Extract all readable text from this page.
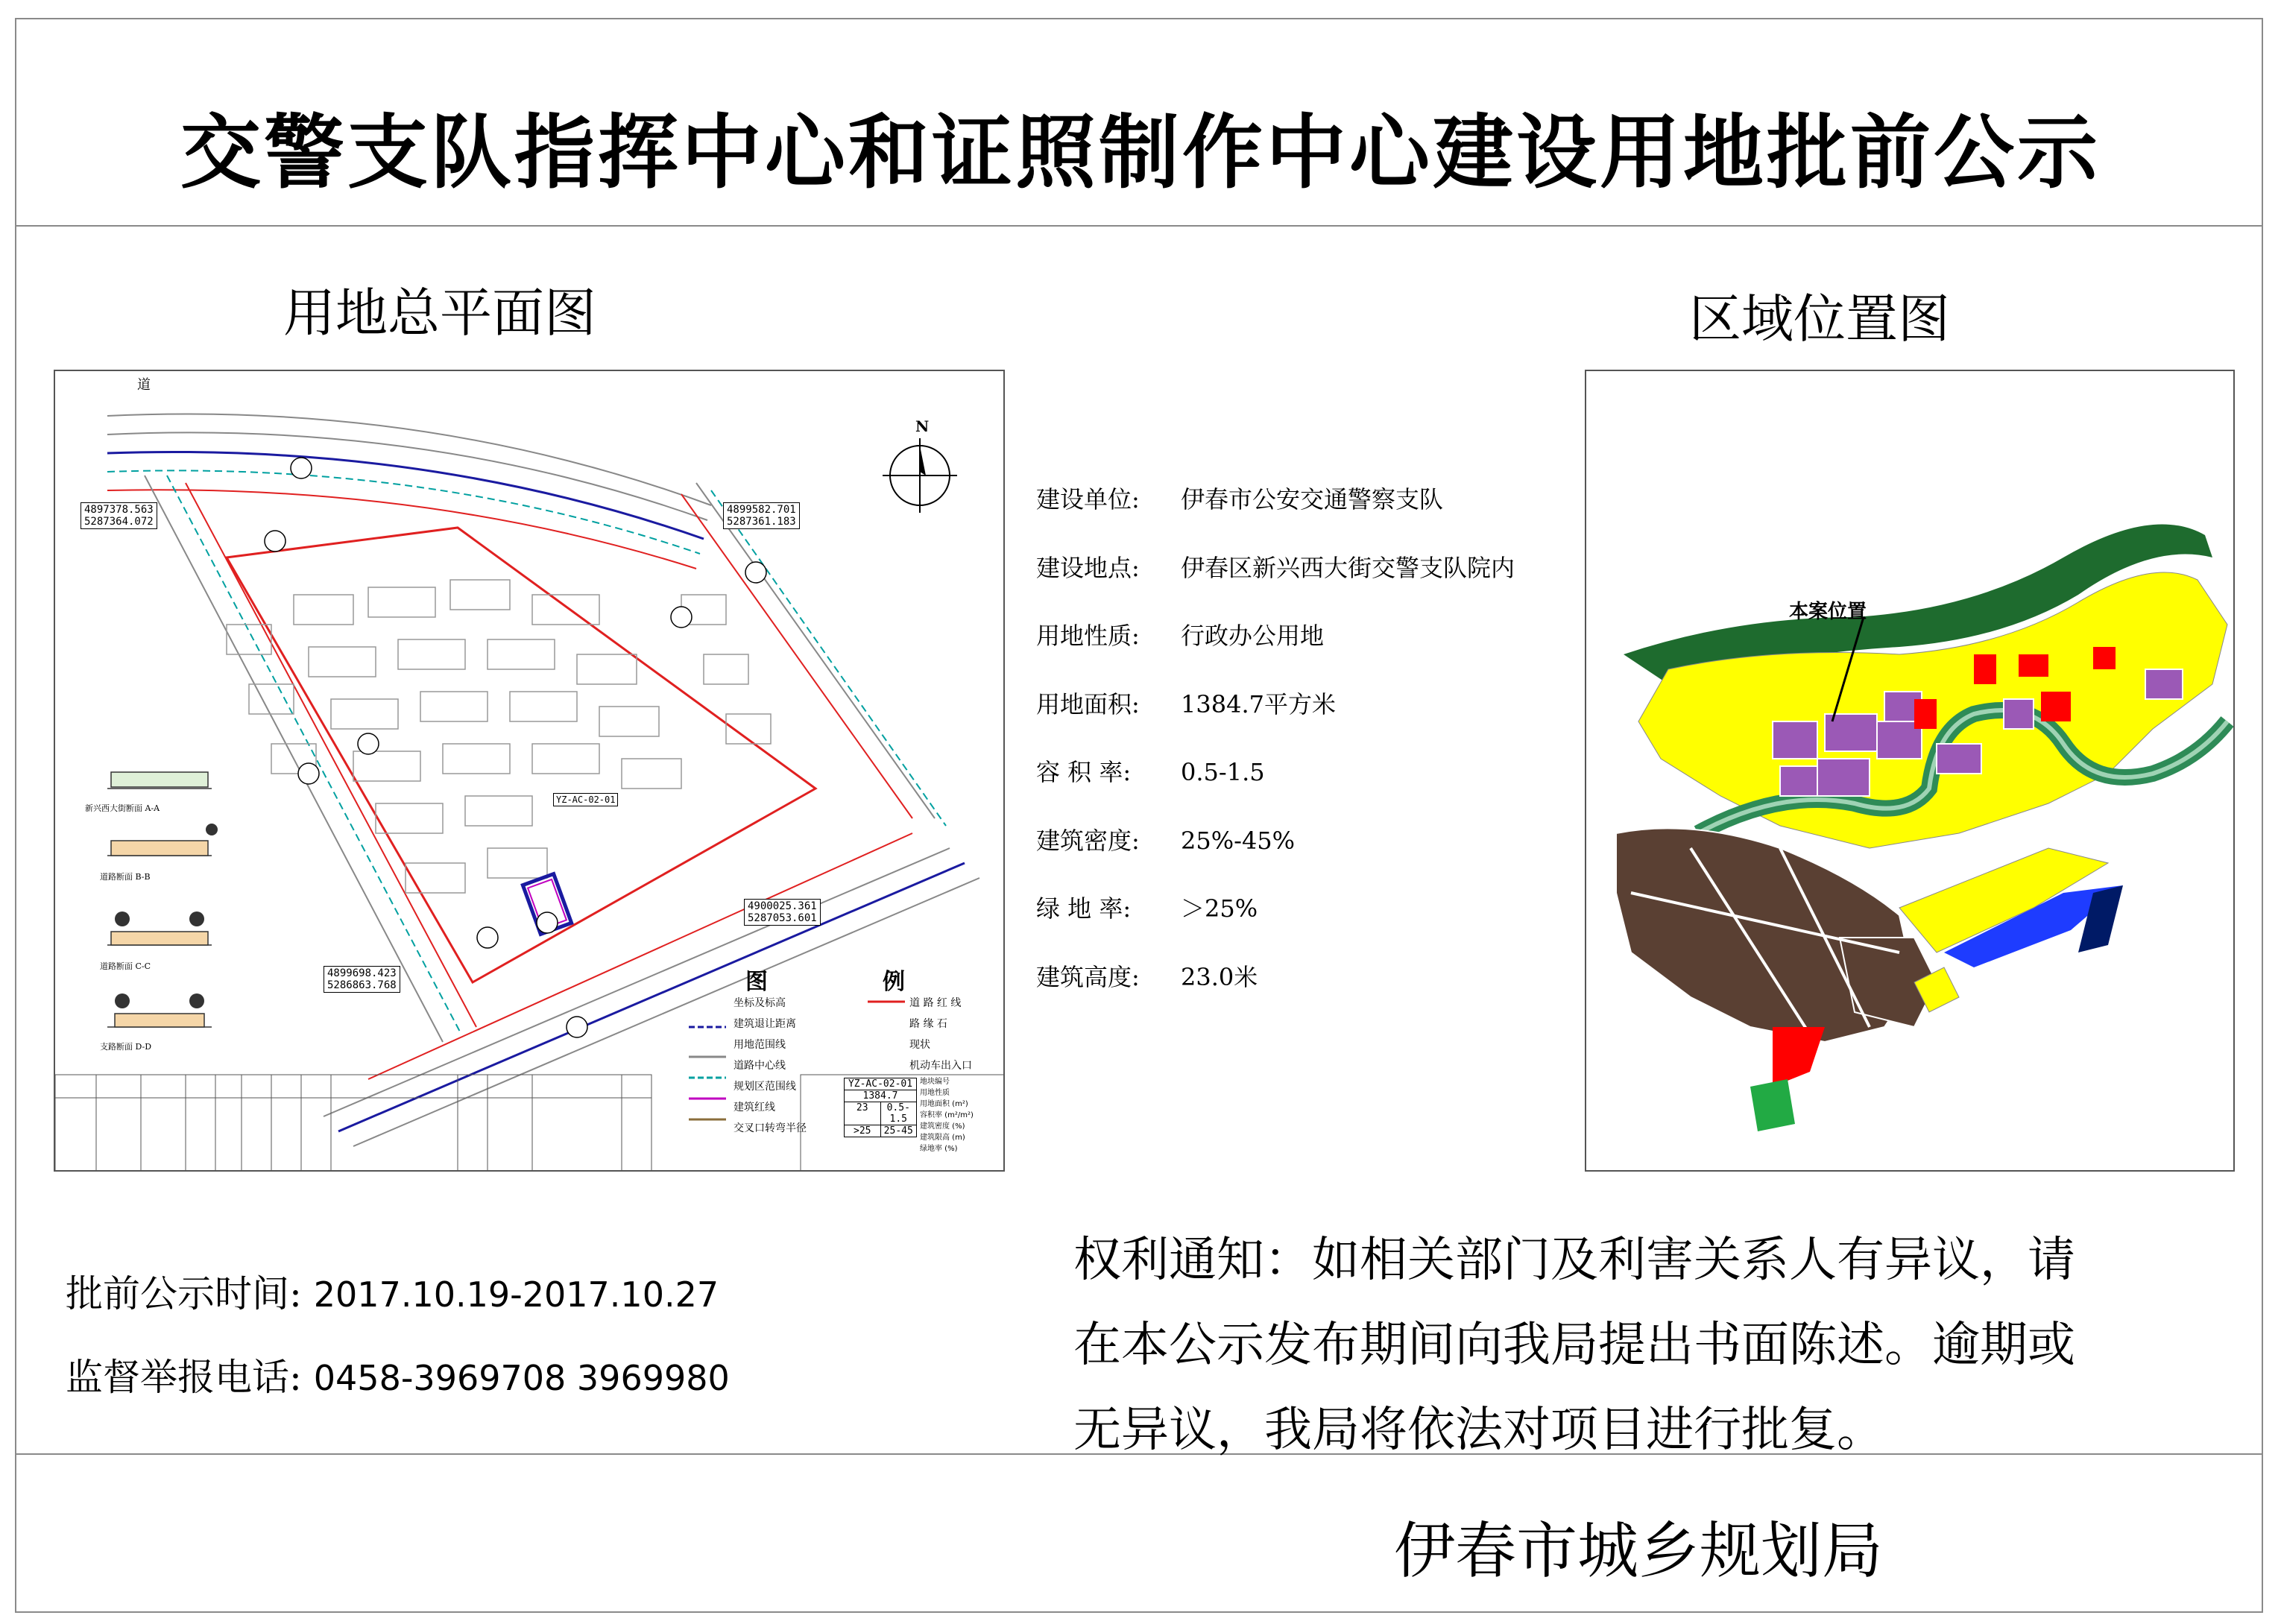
交警支队指挥中心和证照制作中心建设用地批前公示
用地总平面图	区域位置图
道
N
4897378.563
5287364.072
4899582.701
5287361.183
4900025.361
5287053.601
4899698.423
5286863.768
YZ-AC-02-01
新兴西大街断面 A-A
道路断面 B-B
道路断面 C-C
支路断面 D-D
图	例
坐标及标高
建筑退让距离
用地范围线
道路中心线
规划区范围线
建筑红线
交叉口转弯半径
道 路 红 线
路 缘 石
现状
机动车出入口
YZ-AC-02-01
1384.7
23	0.5-1.5
>25	25-45
地块编号
用地性质
用地面积 (m²)
容积率 (m²/m²)
建筑密度 (%)
建筑限高 (m)
绿地率 (%)
建设单位: 伊春市公安交通警察支队
建设地点: 伊春区新兴西大街交警支队院内
用地性质: 行政办公用地
用地面积: 1384.7平方米
容 积 率: 0.5-1.5
建筑密度: 25%-45%
绿 地 率: ＞25%
建筑高度: 23.0米
本案位置
批前公示时间: 2017.10.19-2017.10.27
监督举报电话: 0458-3969708 3969980
权利通知：如相关部门及利害关系人有异议，请
在本公示发布期间向我局提出书面陈述。逾期或
无异议，我局将依法对项目进行批复。
伊春市城乡规划局
